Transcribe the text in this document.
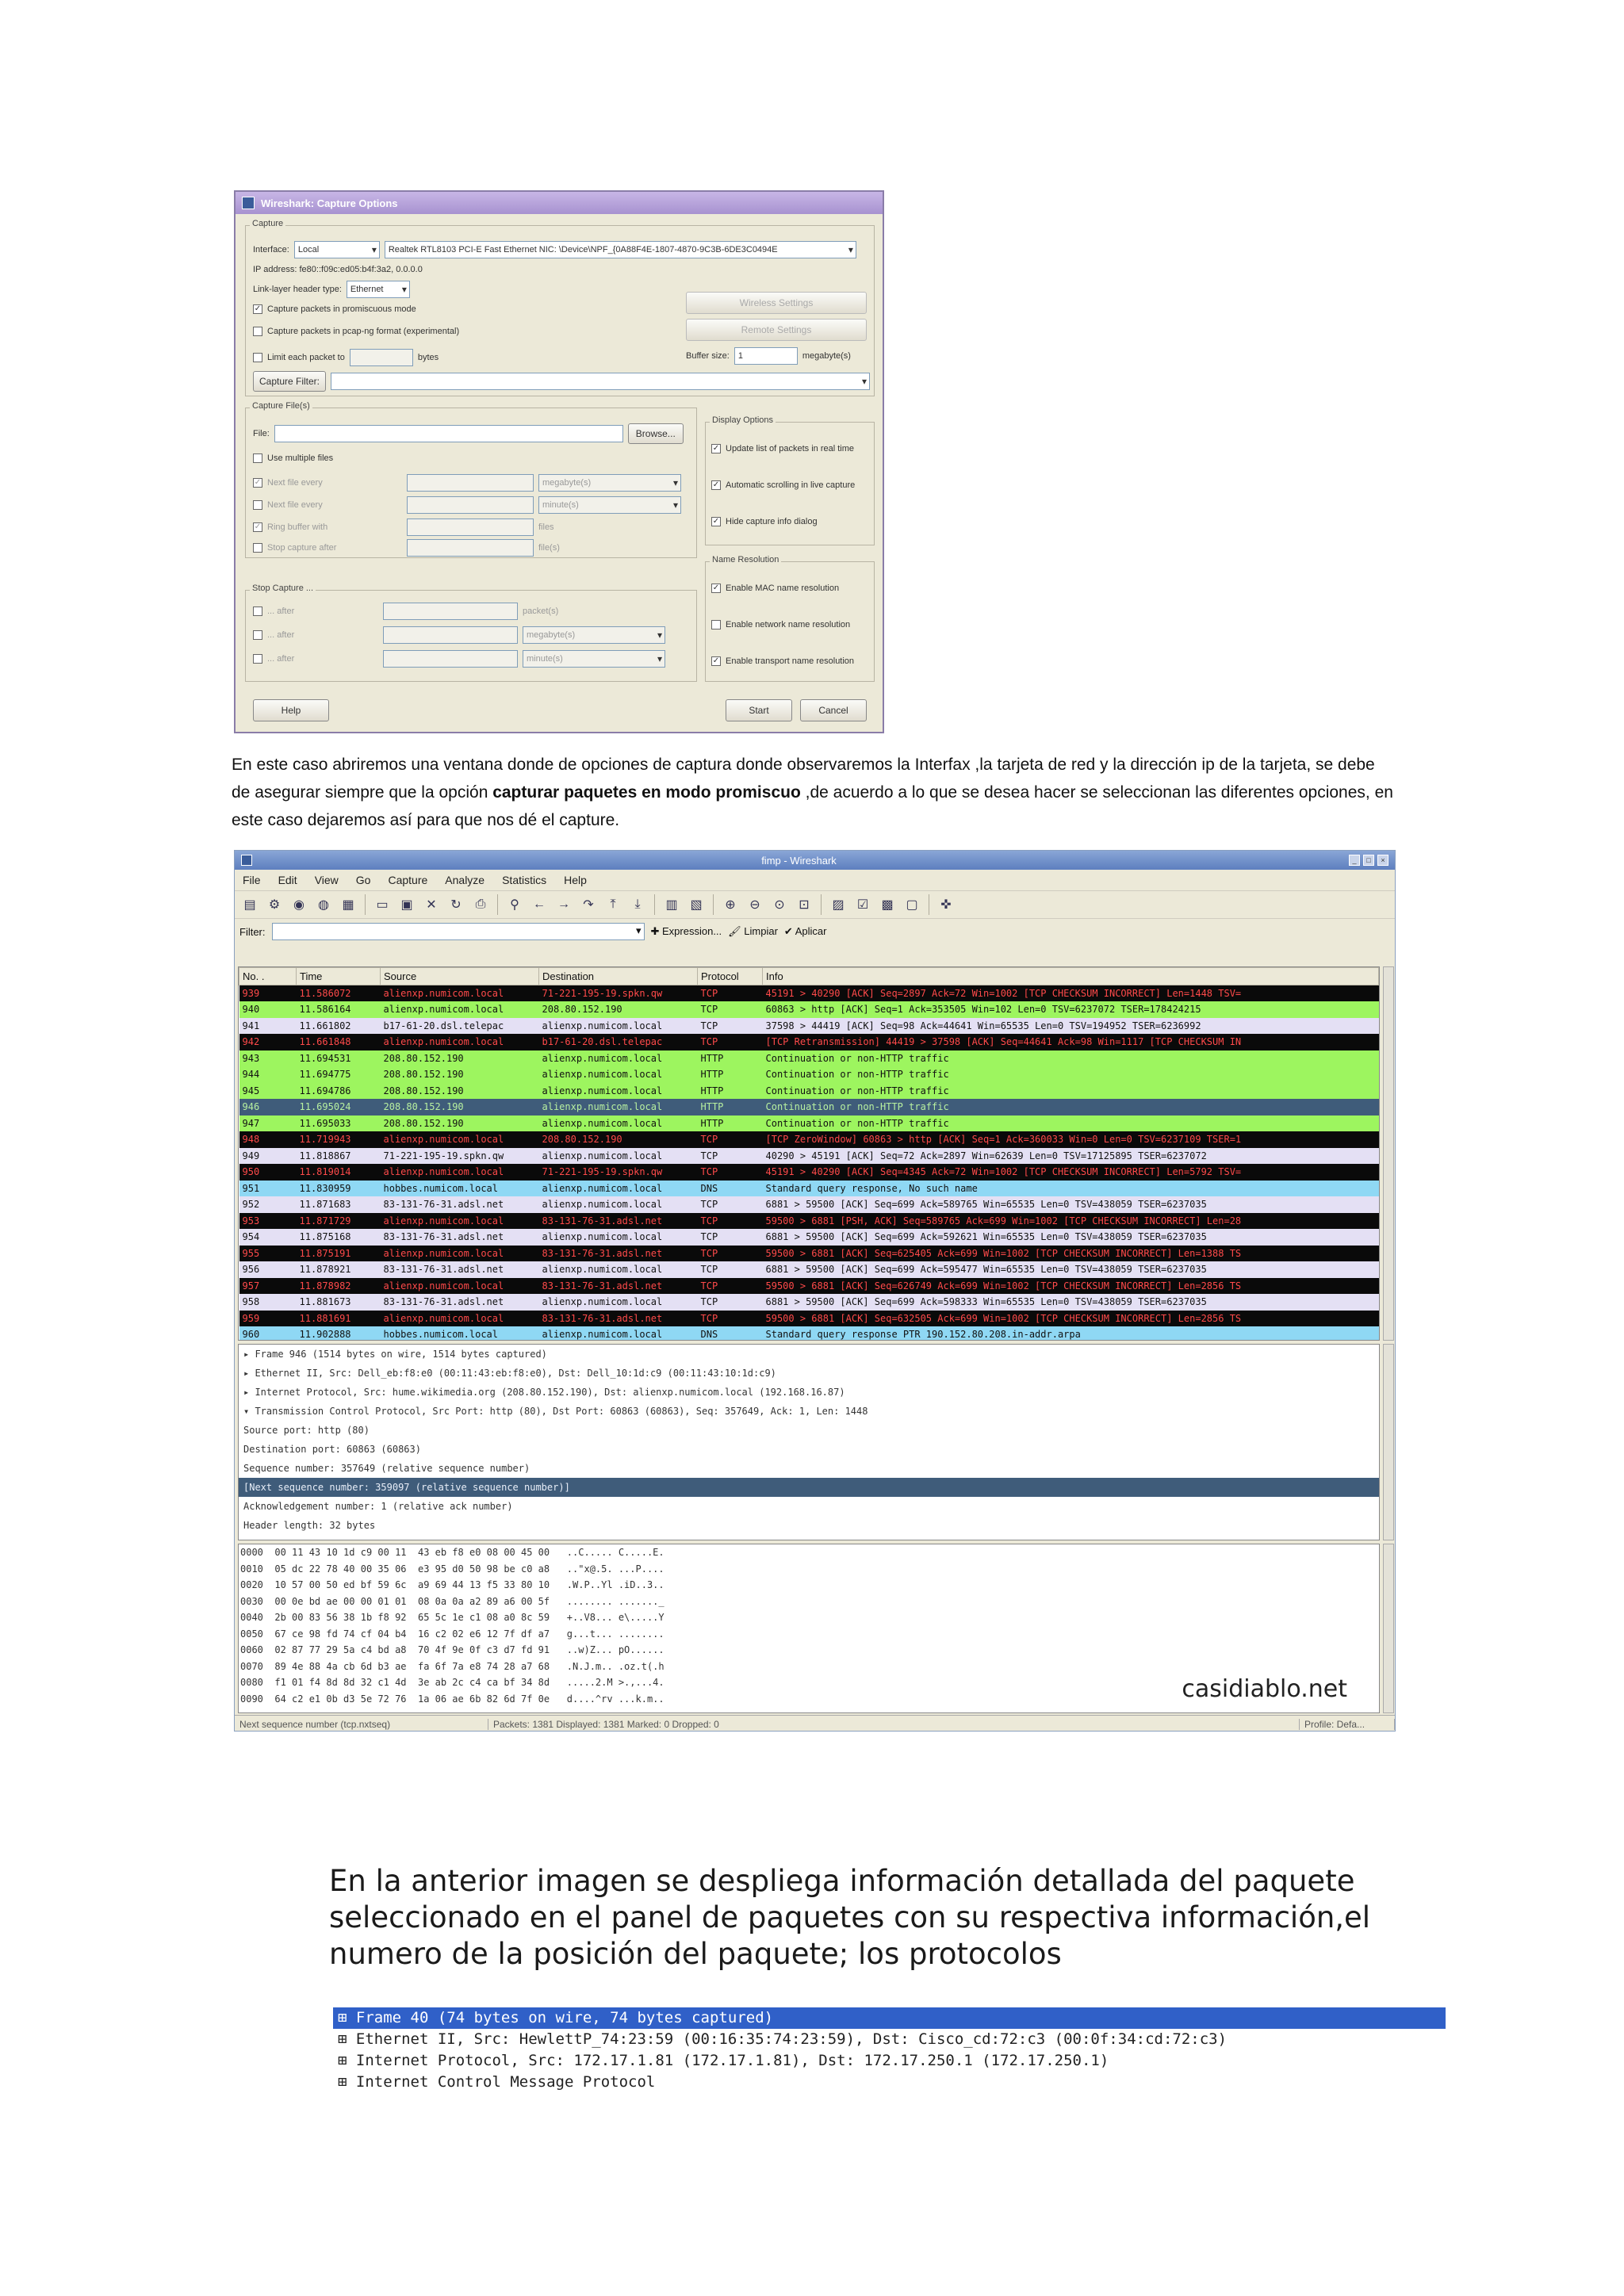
Wireshark: Capture Options
Capture
Interface:	Local ▾	Realtek RTL8103 PCI-E Fast Ethernet NIC: \Device\NPF_{0A88F4E-1807-4870-9C3B-6DE3C0494E ▾
IP address: fe80::f09c:ed05:b4f:3a2, 0.0.0.0
Link-layer header type:	Ethernet ▾
✓ Capture packets in promiscuous mode
Capture packets in pcap-ng format (experimental)
Limit each packet to	bytes
Wireless Settings
Remote Settings
Buffer size:	1	megabyte(s)
Capture Filter:
▾
Capture File(s)
File:	Browse...
Use multiple files
✓ Next file every	megabyte(s) ▾
Next file every	minute(s) ▾
✓ Ring buffer with	files
Stop capture after	file(s)
Stop Capture ...
... after	packet(s)
... after	megabyte(s) ▾
... after	minute(s) ▾
Display Options
✓ Update list of packets in real time
✓ Automatic scrolling in live capture
✓ Hide capture info dialog
Name Resolution
✓ Enable MAC name resolution
Enable network name resolution
✓ Enable transport name resolution
Help	Start	Cancel

En este caso abriremos una ventana donde de opciones de captura donde observaremos la Interfax ,la tarjeta de red y la dirección ip de la tarjeta, se debe de asegurar siempre que la opción capturar paquetes en modo promiscuo ,de acuerdo a lo que se desea hacer se seleccionan las diferentes opciones, en este caso dejaremos así para que nos dé el capture.

fimp - Wireshark	_	□	×
File Edit View Go Capture Analyze Statistics Help
▤	⚙	◉	◍	▦	▭ ▣	✕	↻	⎙	⚲	← →	↷	⤒	⤓	▥ ▧	⊕	⊖	⊙	⊡	▨	☑	▩ ▢	✜
Filter:	▾ ✚ Expression... 🖌 Limpiar ✔ Aplicar
No. .	Time	Source	Destination	Protocol	Info
939	11.586072	alienxp.numicom.local	71-221-195-19.spkn.qw	TCP	45191 > 40290 [ACK] Seq=2897 Ack=72 Win=1002 [TCP CHECKSUM INCORRECT] Len=1448 TSV=
940	11.586164	alienxp.numicom.local	208.80.152.190	TCP	60863 > http [ACK] Seq=1 Ack=353505 Win=102 Len=0 TSV=6237072 TSER=178424215
941	11.661802	b17-61-20.dsl.telepac	alienxp.numicom.local	TCP	37598 > 44419 [ACK] Seq=98 Ack=44641 Win=65535 Len=0 TSV=194952 TSER=6236992
942	11.661848	alienxp.numicom.local	b17-61-20.dsl.telepac	TCP	[TCP Retransmission] 44419 > 37598 [ACK] Seq=44641 Ack=98 Win=1117 [TCP CHECKSUM IN
943	11.694531	208.80.152.190	alienxp.numicom.local	HTTP	Continuation or non-HTTP traffic
944	11.694775	208.80.152.190	alienxp.numicom.local	HTTP	Continuation or non-HTTP traffic
945	11.694786	208.80.152.190	alienxp.numicom.local	HTTP	Continuation or non-HTTP traffic
946	11.695024	208.80.152.190	alienxp.numicom.local	HTTP	Continuation or non-HTTP traffic
947	11.695033	208.80.152.190	alienxp.numicom.local	HTTP	Continuation or non-HTTP traffic
948	11.719943	alienxp.numicom.local	208.80.152.190	TCP	[TCP ZeroWindow] 60863 > http [ACK] Seq=1 Ack=360033 Win=0 Len=0 TSV=6237109 TSER=1
949	11.818867	71-221-195-19.spkn.qw	alienxp.numicom.local	TCP	40290 > 45191 [ACK] Seq=72 Ack=2897 Win=62639 Len=0 TSV=17125895 TSER=6237072
950	11.819014	alienxp.numicom.local	71-221-195-19.spkn.qw	TCP	45191 > 40290 [ACK] Seq=4345 Ack=72 Win=1002 [TCP CHECKSUM INCORRECT] Len=5792 TSV=
951	11.830959	hobbes.numicom.local	alienxp.numicom.local	DNS	Standard query response, No such name
952	11.871683	83-131-76-31.adsl.net	alienxp.numicom.local	TCP	6881 > 59500 [ACK] Seq=699 Ack=589765 Win=65535 Len=0 TSV=438059 TSER=6237035
953	11.871729	alienxp.numicom.local	83-131-76-31.adsl.net	TCP	59500 > 6881 [PSH, ACK] Seq=589765 Ack=699 Win=1002 [TCP CHECKSUM INCORRECT] Len=28
954	11.875168	83-131-76-31.adsl.net	alienxp.numicom.local	TCP	6881 > 59500 [ACK] Seq=699 Ack=592621 Win=65535 Len=0 TSV=438059 TSER=6237035
955	11.875191	alienxp.numicom.local	83-131-76-31.adsl.net	TCP	59500 > 6881 [ACK] Seq=625405 Ack=699 Win=1002 [TCP CHECKSUM INCORRECT] Len=1388 TS
956	11.878921	83-131-76-31.adsl.net	alienxp.numicom.local	TCP	6881 > 59500 [ACK] Seq=699 Ack=595477 Win=65535 Len=0 TSV=438059 TSER=6237035
957	11.878982	alienxp.numicom.local	83-131-76-31.adsl.net	TCP	59500 > 6881 [ACK] Seq=626749 Ack=699 Win=1002 [TCP CHECKSUM INCORRECT] Len=2856 TS
958	11.881673	83-131-76-31.adsl.net	alienxp.numicom.local	TCP	6881 > 59500 [ACK] Seq=699 Ack=598333 Win=65535 Len=0 TSV=438059 TSER=6237035
959	11.881691	alienxp.numicom.local	83-131-76-31.adsl.net	TCP	59500 > 6881 [ACK] Seq=632505 Ack=699 Win=1002 [TCP CHECKSUM INCORRECT] Len=2856 TS
960	11.902888	hobbes.numicom.local	alienxp.numicom.local	DNS	Standard query response PTR 190.152.80.208.in-addr.arpa
▸ Frame 946 (1514 bytes on wire, 1514 bytes captured)
▸ Ethernet II, Src: Dell_eb:f8:e0 (00:11:43:eb:f8:e0), Dst: Dell_10:1d:c9 (00:11:43:10:1d:c9)
▸ Internet Protocol, Src: hume.wikimedia.org (208.80.152.190), Dst: alienxp.numicom.local (192.168.16.87)
▾ Transmission Control Protocol, Src Port: http (80), Dst Port: 60863 (60863), Seq: 357649, Ack: 1, Len: 1448
Source port: http (80)
Destination port: 60863 (60863)
Sequence number: 357649 (relative sequence number)
[Next sequence number: 359097 (relative sequence number)]
Acknowledgement number: 1 (relative ack number)
Header length: 32 bytes
0000  00 11 43 10 1d c9 00 11  43 eb f8 e0 08 00 45 00   ..C..... C.....E.
0010  05 dc 22 78 40 00 35 06  e3 95 d0 50 98 be c0 a8   .."x@.5. ...P....
0020  10 57 00 50 ed bf 59 6c  a9 69 44 13 f5 33 80 10   .W.P..Yl .iD..3..
0030  00 0e bd ae 00 00 01 01  08 0a 0a a2 89 a6 00 5f   ........ ......._
0040  2b 00 83 56 38 1b f8 92  65 5c 1e c1 08 a0 8c 59   +..V8... e\.....Y
0050  67 ce 98 fd 74 cf 04 b4  16 c2 02 e6 12 7f df a7   g...t... ........
0060  02 87 77 29 5a c4 bd a8  70 4f 9e 0f c3 d7 fd 91   ..w)Z... pO......
0070  89 4e 88 4a cb 6d b3 ae  fa 6f 7a e8 74 28 a7 68   .N.J.m.. .oz.t(.h
0080  f1 01 f4 8d 8d 32 c1 4d  3e ab 2c c4 ca bf 34 8d   .....2.M >.,...4.
0090  64 c2 e1 0b d3 5e 72 76  1a 06 ae 6b 82 6d 7f 0e   d....^rv ...k.m..	casidiablo.net
Next sequence number (tcp.nxtseq)	Packets: 1381 Displayed: 1381 Marked: 0 Dropped: 0	Profile: Defa...

En la anterior imagen se despliega información detallada del paquete seleccionado en el panel de paquetes con su respectiva información,el numero de la posición del paquete; los protocolos

⊞ Frame 40 (74 bytes on wire, 74 bytes captured)
⊞ Ethernet II, Src: HewlettP_74:23:59 (00:16:35:74:23:59), Dst: Cisco_cd:72:c3 (00:0f:34:cd:72:c3)
⊞ Internet Protocol, Src: 172.17.1.81 (172.17.1.81), Dst: 172.17.250.1 (172.17.250.1)
⊞ Internet Control Message Protocol
